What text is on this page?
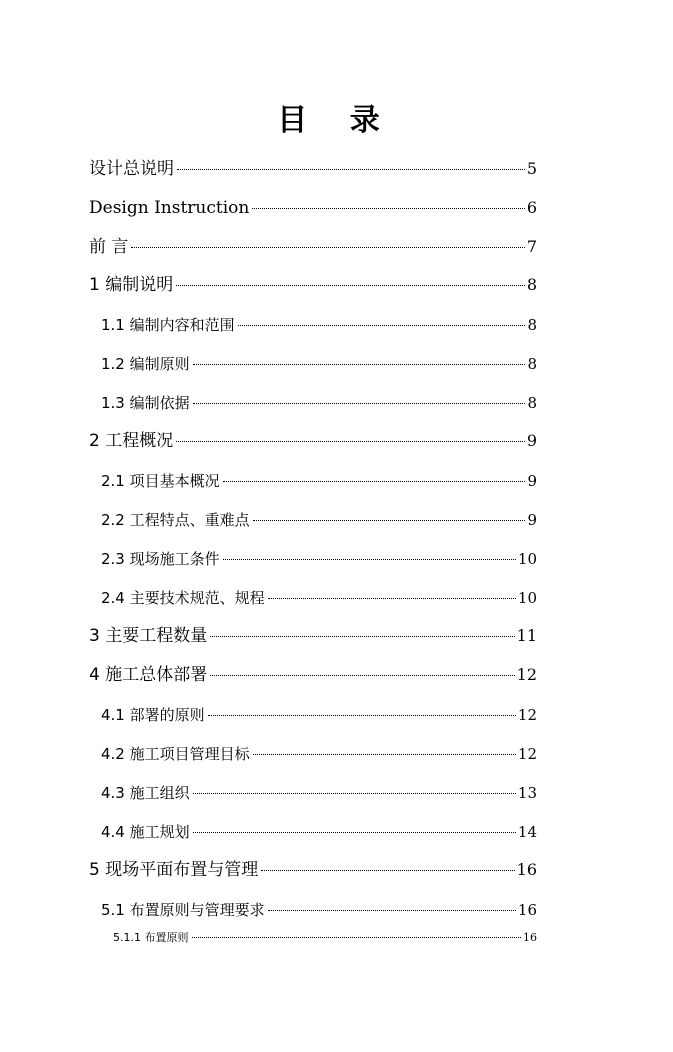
目 录
设计总说明	5
Design Instruction	6
前 言	7
1 编制说明	8
1.1 编制内容和范围	8
1.2 编制原则	8
1.3 编制依据	8
2 工程概况	9
2.1 项目基本概况	9
2.2 工程特点、重难点	9
2.3 现场施工条件	10
2.4 主要技术规范、规程	10
3 主要工程数量	11
4 施工总体部署	12
4.1 部署的原则	12
4.2 施工项目管理目标	12
4.3 施工组织	13
4.4 施工规划	14
5 现场平面布置与管理	16
5.1 布置原则与管理要求	16
5.1.1 布置原则	16
